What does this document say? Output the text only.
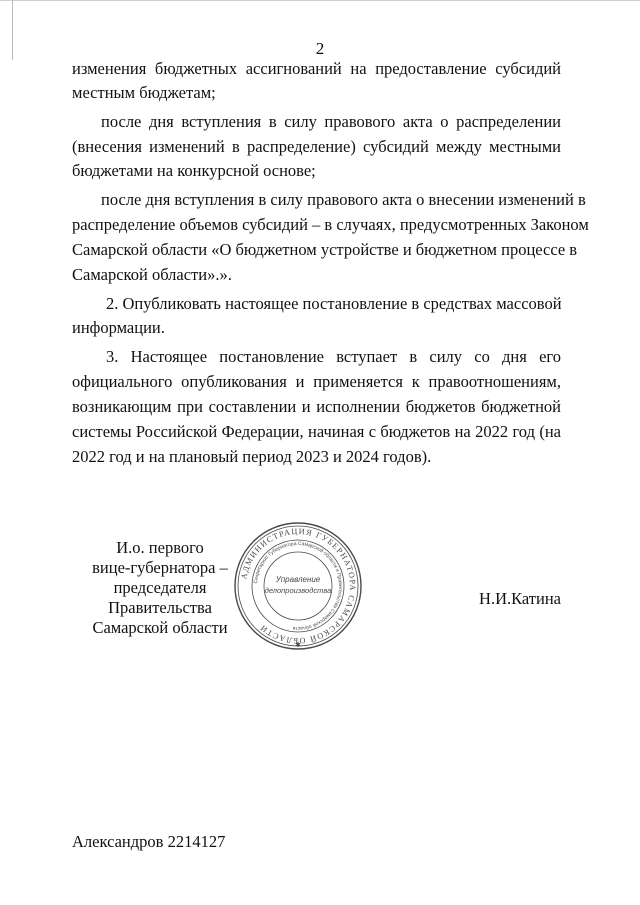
2
изменения бюджетных ассигнований на предоставление субсидий
местным бюджетам;
после дня вступления в силу правового акта о распределении
(внесения изменений в распределение) субсидий между местными
бюджетами на конкурсной основе;
после дня вступления в силу правового акта о внесении изменений в
распределение объемов субсидий – в случаях, предусмотренных Законом
Самарской области «О бюджетном устройстве и бюджетном процессе в
Самарской области».».
2. Опубликовать настоящее постановление в средствах массовой
информации.
3. Настоящее постановление вступает в силу со дня его
официального опубликования и применяется к правоотношениям,
возникающим при составлении и исполнении бюджетов бюджетной
системы Российской Федерации, начиная с бюджетов на 2022 год (на
2022 год и на плановый период 2023 и 2024 годов).
И.о. первого
вице-губернатора –
председателя Правительства
Самарской области
АДМИНИСТРАЦИЯ ГУБЕРНАТОРА САМАРСКОЙ ОБЛАСТИ
Секретариат Губернатора Самарской области и Правительства Самарской области
Управление
делопроизводства
✱
Н.И.Катина
Александров 2214127
